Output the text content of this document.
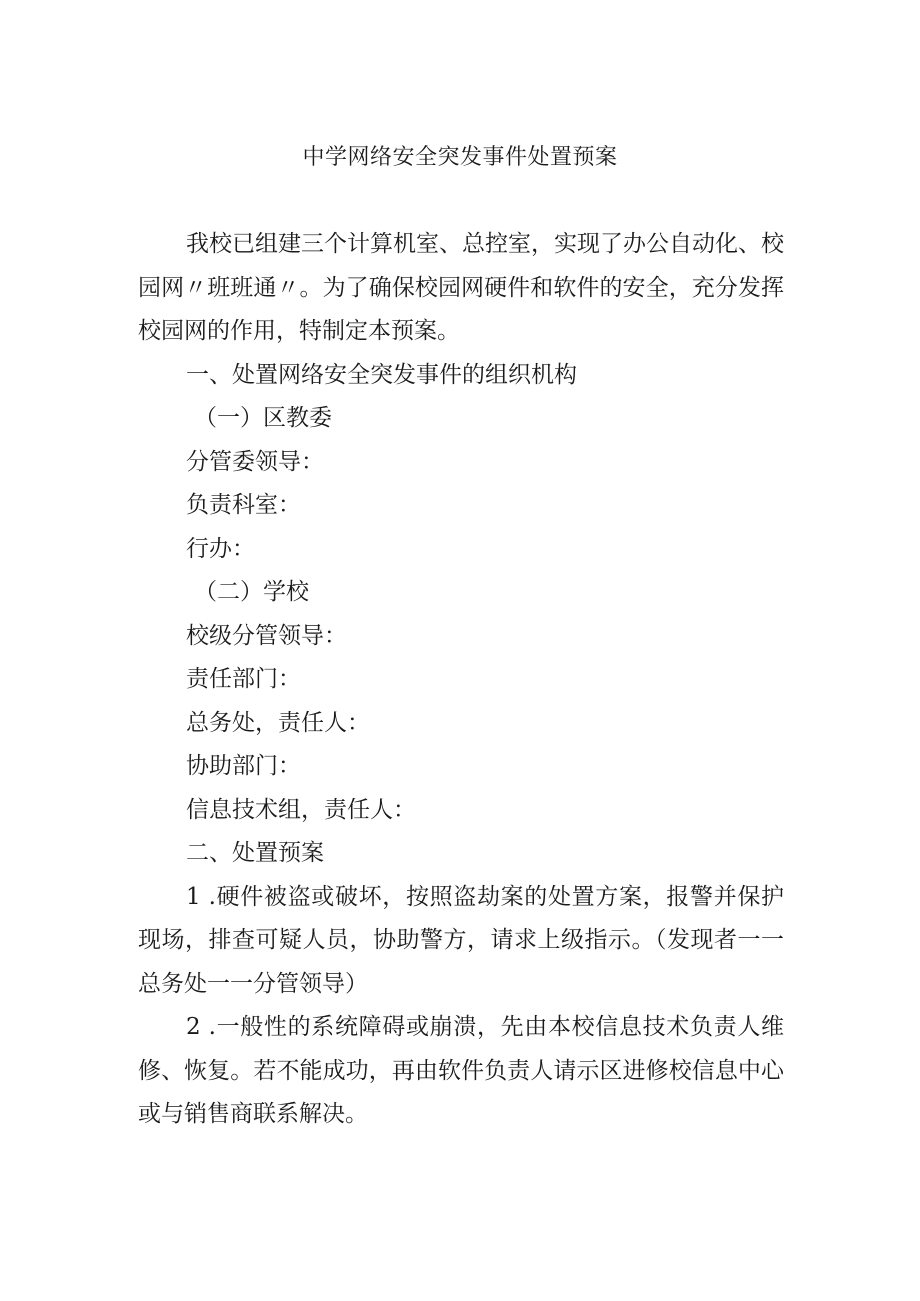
中学网络安全突发事件处置预案

我校已组建三个计算机室、总控室，实现了办公自动化、校园网〃班班通〃。为了确保校园网硬件和软件的安全，充分发挥校园网的作用，特制定本预案。

一、处置网络安全突发事件的组织机构

（一）区教委

分管委领导：

负责科室：

行办：

（二）学校

校级分管领导：

责任部门：

总务处，责任人：

协助部门：

信息技术组，责任人：

二、处置预案

1 .硬件被盗或破坏，按照盗劫案的处置方案，报警并保护现场，排查可疑人员，协助警方，请求上级指示。（发现者一一总务处一一分管领导）

2 .一般性的系统障碍或崩溃，先由本校信息技术负责人维修、恢复。若不能成功，再由软件负责人请示区进修校信息中心或与销售商联系解决。
